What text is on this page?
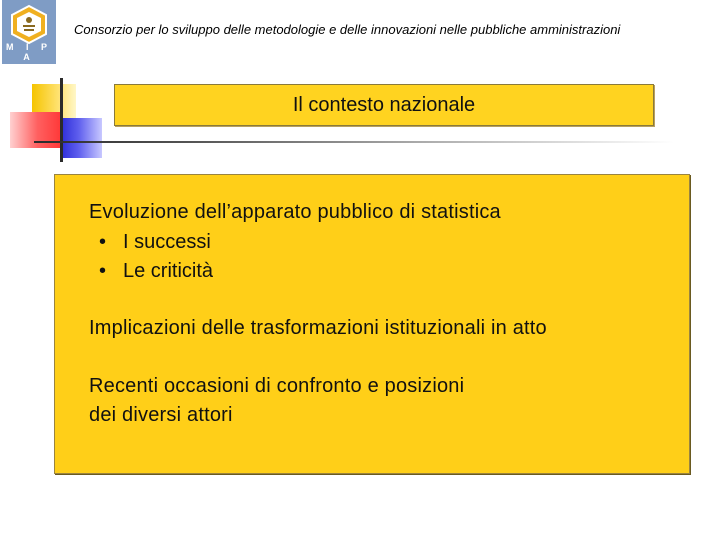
M I P A
Consorzio per lo sviluppo delle metodologie e delle innovazioni nelle pubbliche amministrazioni
Il contesto nazionale
Evoluzione dell’apparato pubblico di statistica
• I successi
• Le criticità
Implicazioni delle trasformazioni istituzionali in atto
Recenti occasioni di confronto e posizioni
dei diversi attori
